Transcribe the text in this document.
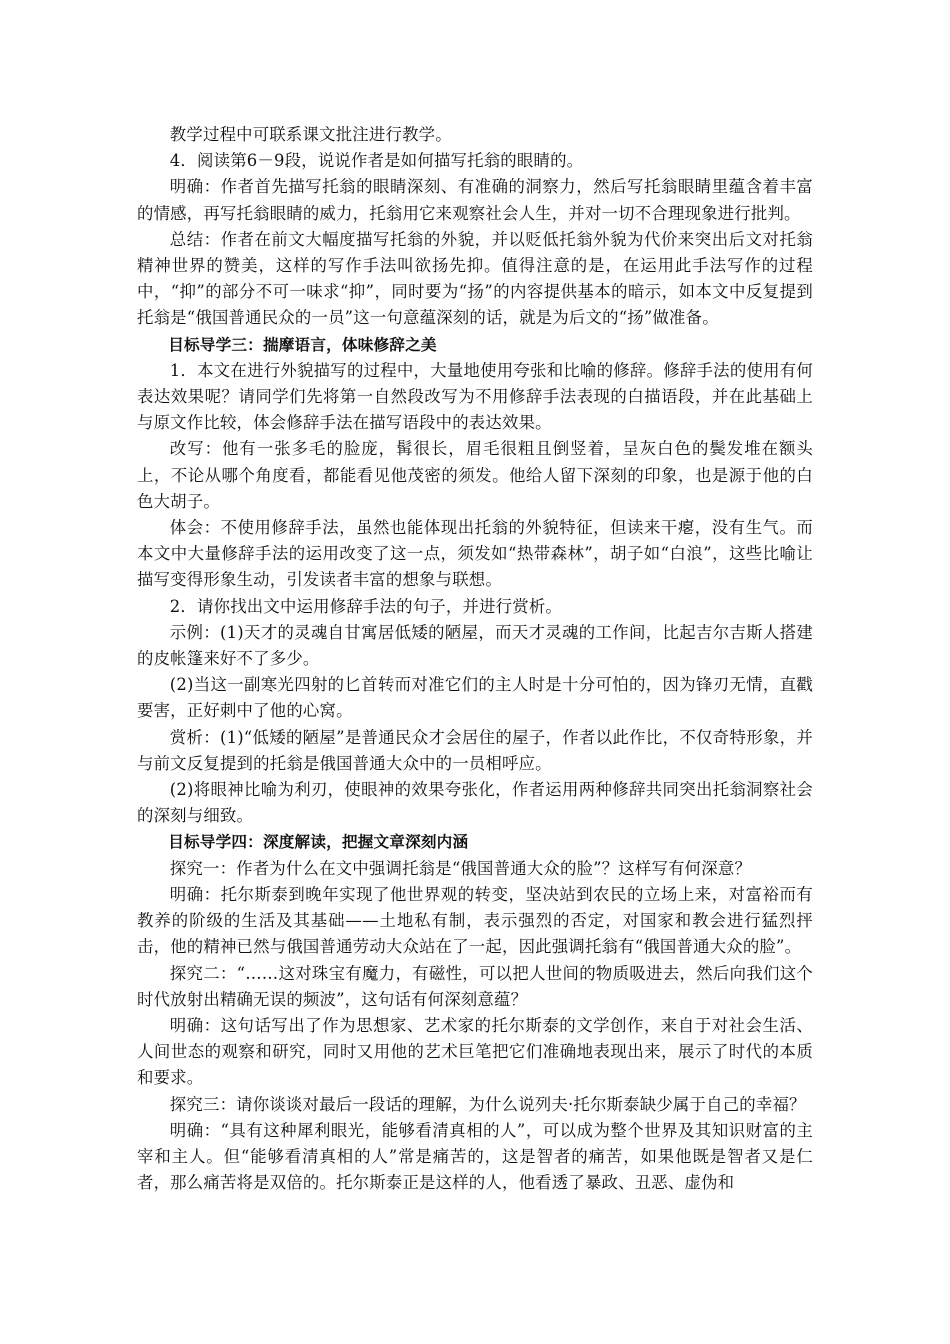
教学过程中可联系课文批注进行教学。

4．阅读第6－9段，说说作者是如何描写托翁的眼睛的。

明确：作者首先描写托翁的眼睛深刻、有准确的洞察力，然后写托翁眼睛里蕴含着丰富的情感，再写托翁眼睛的威力，托翁用它来观察社会人生，并对一切不合理现象进行批判。

总结：作者在前文大幅度描写托翁的外貌，并以贬低托翁外貌为代价来突出后文对托翁精神世界的赞美，这样的写作手法叫欲扬先抑。值得注意的是，在运用此手法写作的过程中，“抑”的部分不可一味求“抑”，同时要为“扬”的内容提供基本的暗示，如本文中反复提到托翁是“俄国普通民众的一员”这一句意蕴深刻的话，就是为后文的“扬”做准备。

目标导学三：揣摩语言，体味修辞之美

1．本文在进行外貌描写的过程中，大量地使用夸张和比喻的修辞。修辞手法的使用有何表达效果呢？请同学们先将第一自然段改写为不用修辞手法表现的白描语段，并在此基础上与原文作比较，体会修辞手法在描写语段中的表达效果。

改写：他有一张多毛的脸庞，髯很长，眉毛很粗且倒竖着，呈灰白色的鬓发堆在额头上，不论从哪个角度看，都能看见他茂密的须发。他给人留下深刻的印象，也是源于他的白色大胡子。

体会：不使用修辞手法，虽然也能体现出托翁的外貌特征，但读来干瘪，没有生气。而本文中大量修辞手法的运用改变了这一点，须发如“热带森林”，胡子如“白浪”，这些比喻让描写变得形象生动，引发读者丰富的想象与联想。

2．请你找出文中运用修辞手法的句子，并进行赏析。

示例：(1)天才的灵魂自甘寓居低矮的陋屋，而天才灵魂的工作间，比起吉尔吉斯人搭建的皮帐篷来好不了多少。

(2)当这一副寒光四射的匕首转而对准它们的主人时是十分可怕的，因为锋刃无情，直戳要害，正好刺中了他的心窝。

赏析：(1)“低矮的陋屋”是普通民众才会居住的屋子，作者以此作比，不仅奇特形象，并与前文反复提到的托翁是俄国普通大众中的一员相呼应。

(2)将眼神比喻为利刃，使眼神的效果夸张化，作者运用两种修辞共同突出托翁洞察社会的深刻与细致。

目标导学四：深度解读，把握文章深刻内涵

探究一：作者为什么在文中强调托翁是“俄国普通大众的脸”？这样写有何深意？

明确：托尔斯泰到晚年实现了他世界观的转变，坚决站到农民的立场上来，对富裕而有教养的阶级的生活及其基础——土地私有制，表示强烈的否定，对国家和教会进行猛烈抨击，他的精神已然与俄国普通劳动大众站在了一起，因此强调托翁有“俄国普通大众的脸”。

探究二：“……这对珠宝有魔力，有磁性，可以把人世间的物质吸进去，然后向我们这个时代放射出精确无误的频波”，这句话有何深刻意蕴？

明确：这句话写出了作为思想家、艺术家的托尔斯泰的文学创作，来自于对社会生活、人间世态的观察和研究，同时又用他的艺术巨笔把它们准确地表现出来，展示了时代的本质和要求。

探究三：请你谈谈对最后一段话的理解，为什么说列夫·托尔斯泰缺少属于自己的幸福？

明确：“具有这种犀利眼光，能够看清真相的人”，可以成为整个世界及其知识财富的主宰和主人。但“能够看清真相的人”常是痛苦的，这是智者的痛苦，如果他既是智者又是仁者，那么痛苦将是双倍的。托尔斯泰正是这样的人，他看透了暴政、丑恶、虚伪和
